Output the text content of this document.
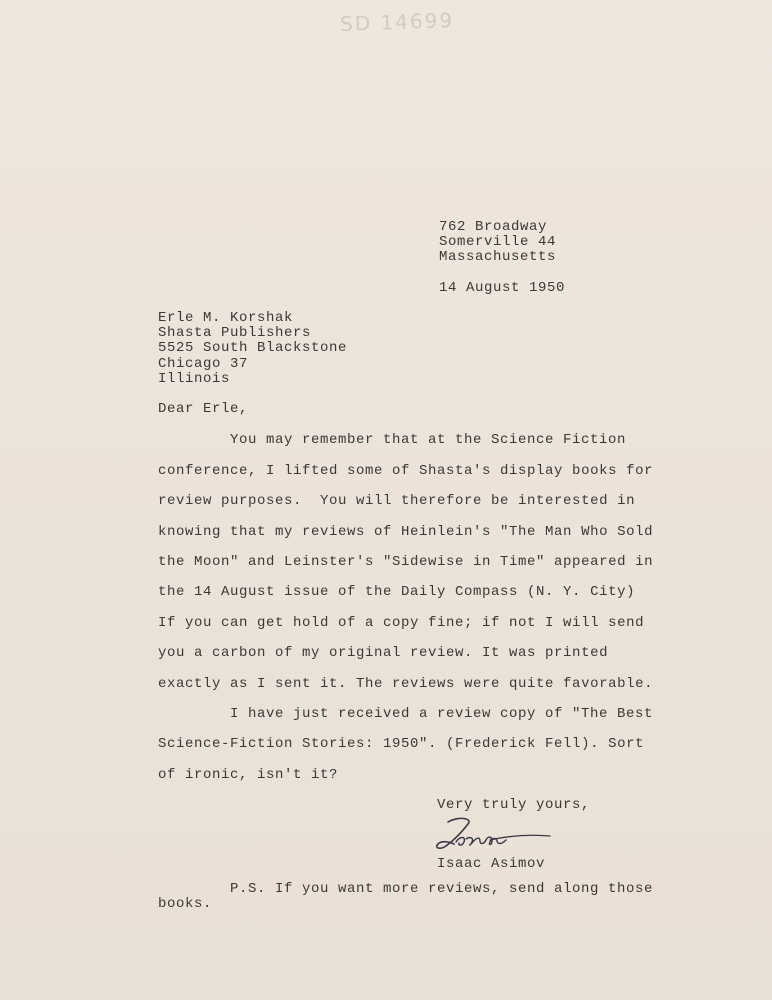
SD 14699
762 Broadway
Somerville 44
Massachusetts
14 August 1950
Erle M. Korshak
Shasta Publishers
5525 South Blackstone
Chicago 37
Illinois
Dear Erle,
You may remember that at the Science Fiction
conference, I lifted some of Shasta's display books for
review purposes.  You will therefore be interested in
knowing that my reviews of Heinlein's "The Man Who Sold
the Moon" and Leinster's "Sidewise in Time" appeared in
the 14 August issue of the Daily Compass (N. Y. City)
If you can get hold of a copy fine; if not I will send
you a carbon of my original review. It was printed
exactly as I sent it. The reviews were quite favorable.
I have just received a review copy of "The Best
Science-Fiction Stories: 1950". (Frederick Fell). Sort
of ironic, isn't it?
Very truly yours,
Isaac Asimov
P.S. If you want more reviews, send along those
books.
